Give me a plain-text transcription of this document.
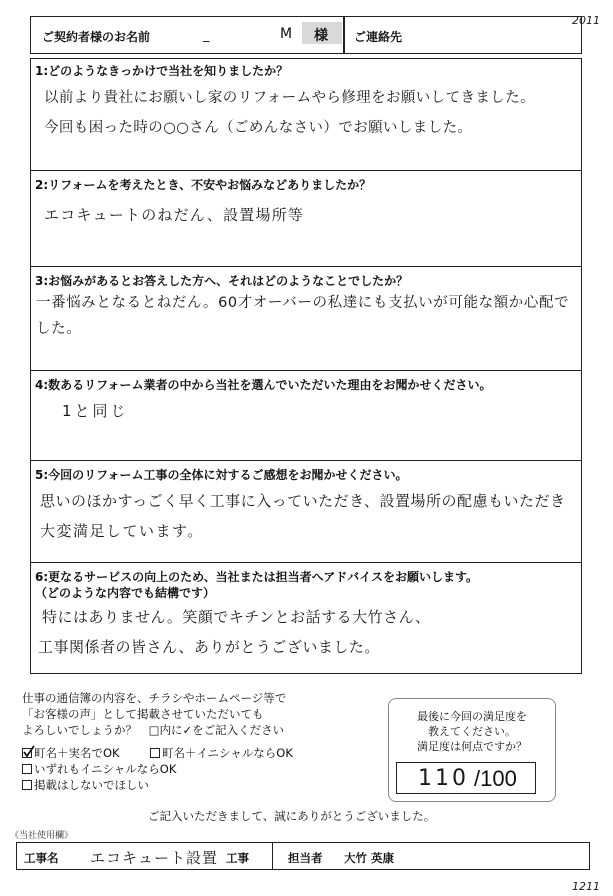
2011
ご契約者様のお名前	_	M 様 ご連絡先
1:どのようなきっかけで当社を知りましたか？
以前より貴社にお願いし家のリフォームやら修理をお願いしてきました。
今回も困った時の○○さん（ごめんなさい）でお願いしました。
2:リフォームを考えたとき、不安やお悩みなどありましたか？
エコキュートのねだん、設置場所等
3:お悩みがあるとお答えした方へ、それはどのようなことでしたか？
一番悩みとなるとねだん。60才オーバーの私達にも支払いが可能な額か心配でした。
4:数あるリフォーム業者の中から当社を選んでいただいた理由をお聞かせください。
1と同じ
5:今回のリフォーム工事の全体に対するご感想をお聞かせください。
思いのほかすっごく早く工事に入っていただき、設置場所の配慮もいただき
大変満足しています。
6:更なるサービスの向上のため、当社または担当者へアドバイスをお願いします。
（どのような内容でも結構です）
特にはありません。笑顔でキチンとお話する大竹さん、
工事関係者の皆さん、ありがとうございました。
仕事の通信簿の内容を、チラシやホームページ等で
「お客様の声」として掲載させていただいても
よろしいでしょうか？ □内に✓をご記入ください
町名＋実名でOK	町名＋イニシャルならOK
いずれもイニシャルならOK
掲載はしないでほしい
最後に今回の満足度を
教えてください。
満足度は何点ですか？
110 /100
ご記入いただきまして、誠にありがとうございました。
《当社使用欄》
工事名 エコキュート設置 工事	担当者 大竹 英康
1211
